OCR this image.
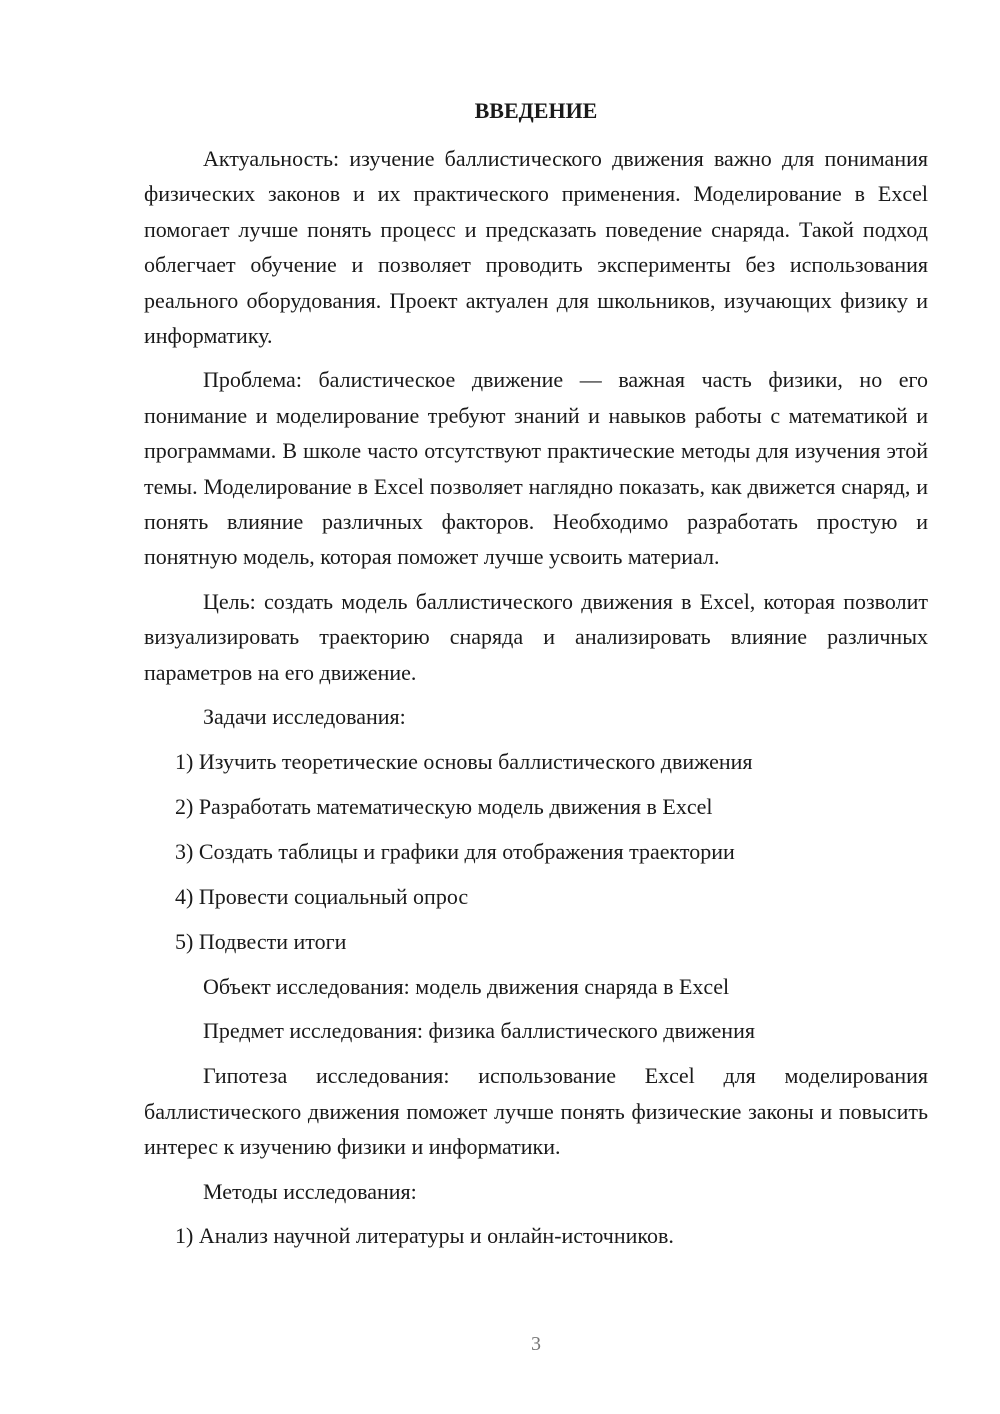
ВВЕДЕНИЕ

Актуальность: изучение баллистического движения важно для понимания физических законов и их практического применения. Моделирование в Excel помогает лучше понять процесс и предсказать поведение снаряда. Такой подход облегчает обучение и позволяет проводить эксперименты без использования реального оборудования. Проект актуален для школьников, изучающих физику и информатику.

Проблема: балистическое движение — важная часть физики, но его понимание и моделирование требуют знаний и навыков работы с математикой и программами. В школе часто отсутствуют практические методы для изучения этой темы. Моделирование в Excel позволяет наглядно показать, как движется снаряд, и понять влияние различных факторов. Необходимо разработать простую и понятную модель, которая поможет лучше усвоить материал.

Цель: создать модель баллистического движения в Excel, которая позволит визуализировать траекторию снаряда и анализировать влияние различных параметров на его движение.

Задачи исследования:
1) Изучить теоретические основы баллистического движения
2) Разработать математическую модель движения в Excel
3) Создать таблицы и графики для отображения траектории
4) Провести социальный опрос
5) Подвести итоги
Объект исследования: модель движения снаряда в Excel
Предмет исследования: физика баллистического движения

Гипотеза исследования: использование Excel для моделирования баллистического движения поможет лучше понять физические законы и повысить интерес к изучению физики и информатики.

Методы исследования:
1) Анализ научной литературы и онлайн-источников.
3
